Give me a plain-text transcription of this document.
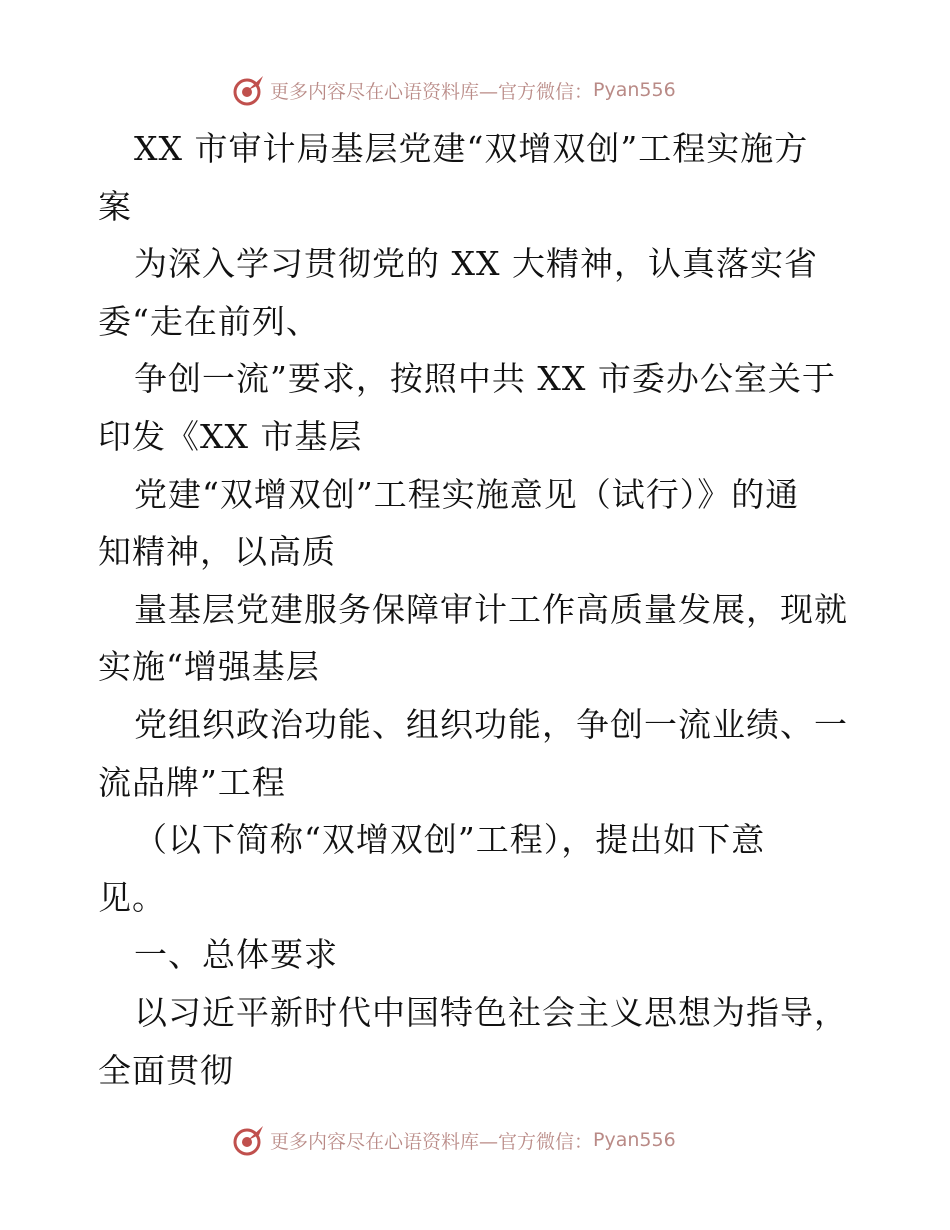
更多内容尽在心语资料库—官方微信： Pyan556
XX 市审计局基层党建“双增双创”工程实施方
案
为深入学习贯彻党的 XX 大精神，认真落实省
委“走在前列、
争创一流”要求，按照中共 XX 市委办公室关于
印发《XX 市基层
党建“双增双创”工程实施意见（试行）》的通
知精神，以高质
量基层党建服务保障审计工作高质量发展，现就
实施“增强基层
党组织政治功能、组织功能，争创一流业绩、一
流品牌”工程
（以下简称“双增双创”工程），提出如下意
见。
一、总体要求
以习近平新时代中国特色社会主义思想为指导，
全面贯彻
更多内容尽在心语资料库—官方微信： Pyan556
